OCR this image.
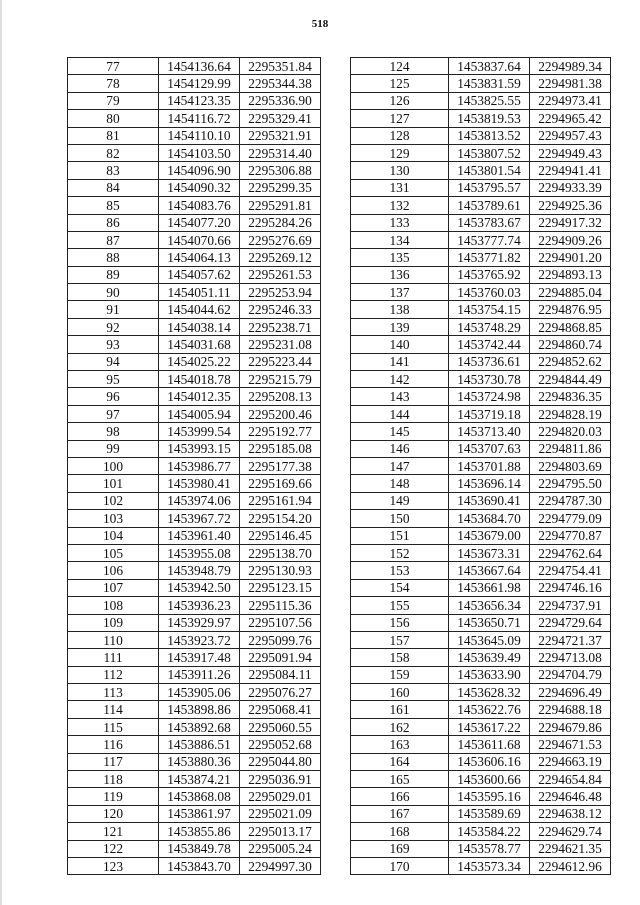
518
77	1454136.64	2295351.84
78	1454129.99	2295344.38
79	1454123.35	2295336.90
80	1454116.72	2295329.41
81	1454110.10	2295321.91
82	1454103.50	2295314.40
83	1454096.90	2295306.88
84	1454090.32	2295299.35
85	1454083.76	2295291.81
86	1454077.20	2295284.26
87	1454070.66	2295276.69
88	1454064.13	2295269.12
89	1454057.62	2295261.53
90	1454051.11	2295253.94
91	1454044.62	2295246.33
92	1454038.14	2295238.71
93	1454031.68	2295231.08
94	1454025.22	2295223.44
95	1454018.78	2295215.79
96	1454012.35	2295208.13
97	1454005.94	2295200.46
98	1453999.54	2295192.77
99	1453993.15	2295185.08
100	1453986.77	2295177.38
101	1453980.41	2295169.66
102	1453974.06	2295161.94
103	1453967.72	2295154.20
104	1453961.40	2295146.45
105	1453955.08	2295138.70
106	1453948.79	2295130.93
107	1453942.50	2295123.15
108	1453936.23	2295115.36
109	1453929.97	2295107.56
110	1453923.72	2295099.76
111	1453917.48	2295091.94
112	1453911.26	2295084.11
113	1453905.06	2295076.27
114	1453898.86	2295068.41
115	1453892.68	2295060.55
116	1453886.51	2295052.68
117	1453880.36	2295044.80
118	1453874.21	2295036.91
119	1453868.08	2295029.01
120	1453861.97	2295021.09
121	1453855.86	2295013.17
122	1453849.78	2295005.24
123	1453843.70	2294997.30
124	1453837.64	2294989.34
125	1453831.59	2294981.38
126	1453825.55	2294973.41
127	1453819.53	2294965.42
128	1453813.52	2294957.43
129	1453807.52	2294949.43
130	1453801.54	2294941.41
131	1453795.57	2294933.39
132	1453789.61	2294925.36
133	1453783.67	2294917.32
134	1453777.74	2294909.26
135	1453771.82	2294901.20
136	1453765.92	2294893.13
137	1453760.03	2294885.04
138	1453754.15	2294876.95
139	1453748.29	2294868.85
140	1453742.44	2294860.74
141	1453736.61	2294852.62
142	1453730.78	2294844.49
143	1453724.98	2294836.35
144	1453719.18	2294828.19
145	1453713.40	2294820.03
146	1453707.63	2294811.86
147	1453701.88	2294803.69
148	1453696.14	2294795.50
149	1453690.41	2294787.30
150	1453684.70	2294779.09
151	1453679.00	2294770.87
152	1453673.31	2294762.64
153	1453667.64	2294754.41
154	1453661.98	2294746.16
155	1453656.34	2294737.91
156	1453650.71	2294729.64
157	1453645.09	2294721.37
158	1453639.49	2294713.08
159	1453633.90	2294704.79
160	1453628.32	2294696.49
161	1453622.76	2294688.18
162	1453617.22	2294679.86
163	1453611.68	2294671.53
164	1453606.16	2294663.19
165	1453600.66	2294654.84
166	1453595.16	2294646.48
167	1453589.69	2294638.12
168	1453584.22	2294629.74
169	1453578.77	2294621.35
170	1453573.34	2294612.96
